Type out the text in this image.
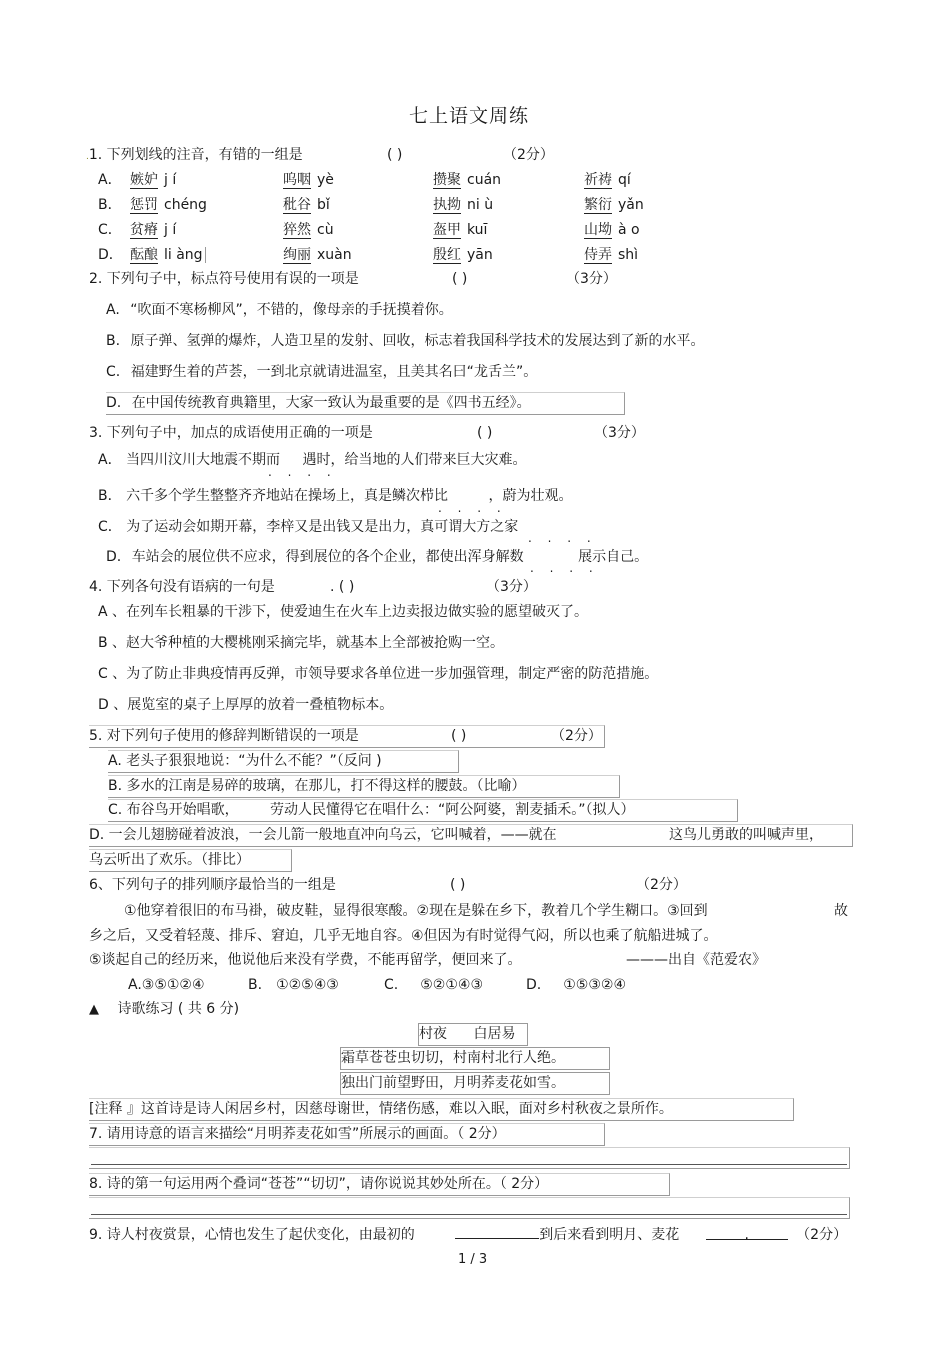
七上语文周练
.1. 下列划线的注音，有错的一组是	( )	（2分）
A． 嫉妒 j í	呜咽 yè	攒聚 cuán	祈祷 qí
B． 惩罚 chéng	秕谷 bǐ	执拗 ni ù	繁衍 yǎn
C． 贫瘠 j í	猝然 cù	盔甲 kuī	山坳 à o
D． 酝酿 li àng	绚丽 xuàn	殷红 yān	侍弄 shì
2. 下列句子中，标点符号使用有误的一项是	( )	（3分）
A. “吹面不寒杨柳风”，不错的，像母亲的手抚摸着你。
B. 原子弹、氢弹的爆炸，人造卫星的发射、回收，标志着我国科学技术的发展达到了新的水平。
C. 福建野生着的芦荟，一到北京就请进温室，且美其名曰“龙舌兰”。
D. 在中国传统教育典籍里，大家一致认为最重要的是《四书五经》。
3. 下列句子中，加点的成语使用正确的一项是	( )	（3分）
A． 当四川汶川大地震不期而 遇时，给当地的人们带来巨大灾难。
. . . .
B． 六千多个学生整整齐齐地站在操场上，真是鳞次栉比	，蔚为壮观。
. . . .
C． 为了运动会如期开幕，李梓又是出钱又是出力，真可谓大方之家
. . . .
D. 车站会的展位供不应求，得到展位的各个企业，都使出浑身解数	展示自己。
. . . .
4. 下列各句没有语病的一句是	. ( )	（3分）
A 、在列车长粗暴的干涉下，使爱迪生在火车上边卖报边做实验的愿望破灭了。
B 、赵大爷种植的大樱桃刚采摘完毕，就基本上全部被抢购一空。
C 、为了防止非典疫情再反弹，市领导要求各单位进一步加强管理，制定严密的防范措施。
D 、展览室的桌子上厚厚的放着一叠植物标本。
5. 对下列句子使用的修辞判断错误的一项是	( )	（2分）
A. 老头子狠狠地说：“为什么不能？”（反问 )
B. 多水的江南是易碎的玻璃，在那儿，打不得这样的腰鼓。（比喻）
C. 布谷鸟开始唱歌， 劳动人民懂得它在唱什么：“阿公阿婆，割麦插禾。”（拟人）
D. 一会儿翅膀碰着波浪，一会儿箭一般地直冲向乌云，它叫喊着，——就在	这鸟儿勇敢的叫喊声里，
乌云听出了欢乐。（排比）
6、下列句子的排列顺序最恰当的一组是	( )	（2分）
①他穿着很旧的布马褂，破皮鞋，显得很寒酸。②现在是躲在乡下，教着几个学生糊口。③回到	故
乡之后，又受着轻蔑、排斥、窘迫，几乎无地自容。④但因为有时觉得气闷，所以也乘了航船进城了。
⑤谈起自己的经历来，他说他后来没有学费，不能再留学，便回来了。	———出自《范爱农》
A.③⑤①②④	B. ①②⑤④③	C. ⑤②①④③	D. ①⑤③②④
▲ 诗歌练习 ( 共 6 分)
村夜 白居易
霜草苍苍虫切切，村南村北行人绝。
独出门前望野田，月明荞麦花如雪。
[注释 』这首诗是诗人闲居乡村，因慈母谢世，情绪伤感，难以入眠，面对乡村秋夜之景所作。
7. 请用诗意的语言来描绘“月明荞麦花如雪”所展示的画面。（ 2分）
8. 诗的第一句运用两个叠词“苍苍”“切切”，请你说说其妙处所在。（ 2分）
9. 诗人村夜赏景，心情也发生了起伏变化，由最初的	到后来看到明月、麦花	.	（2分）
1 / 3
